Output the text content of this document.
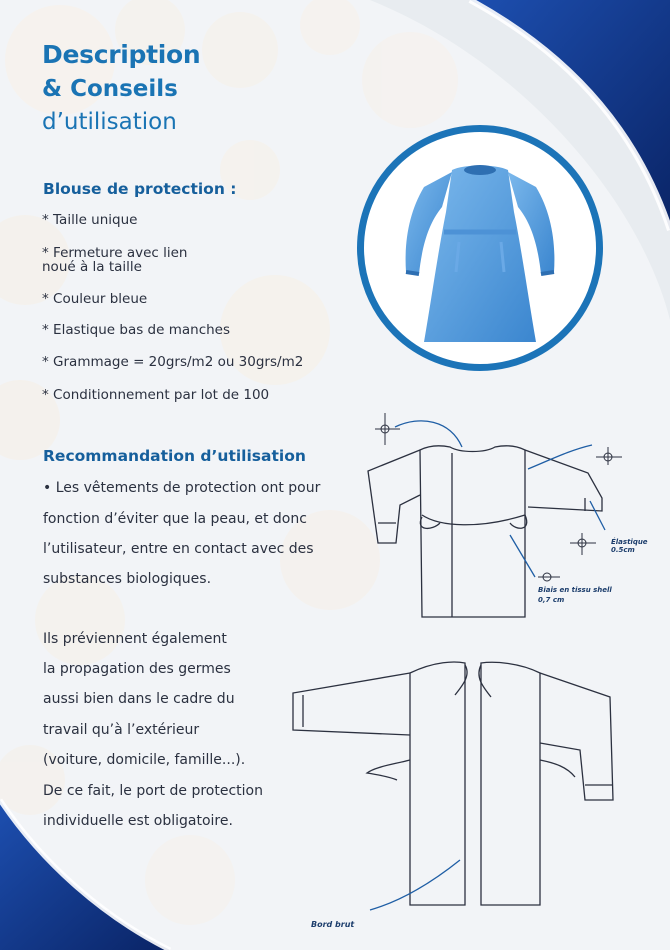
Description
& Conseils
d’utilisation
Blouse de protection :
* Taille unique
* Fermeture avec lien
noué à la taille
* Couleur bleue
* Elastique bas de manches
* Grammage = 20grs/m2 ou 30grs/m2
* Conditionnement par lot de 100
Recommandation d’utilisation
• Les vêtements de protection ont pour
fonction d’éviter que la peau, et donc
l’utilisateur, entre en contact avec des
substances biologiques.
Ils préviennent également
la propagation des germes
aussi bien dans le cadre du
travail qu’à l’extérieur
(voiture, domicile, famille...).
De ce fait, le port de protection
individuelle est obligatoire.
Élastique 0.5cm
Biais en tissu shell
0,7 cm
Bord brut
